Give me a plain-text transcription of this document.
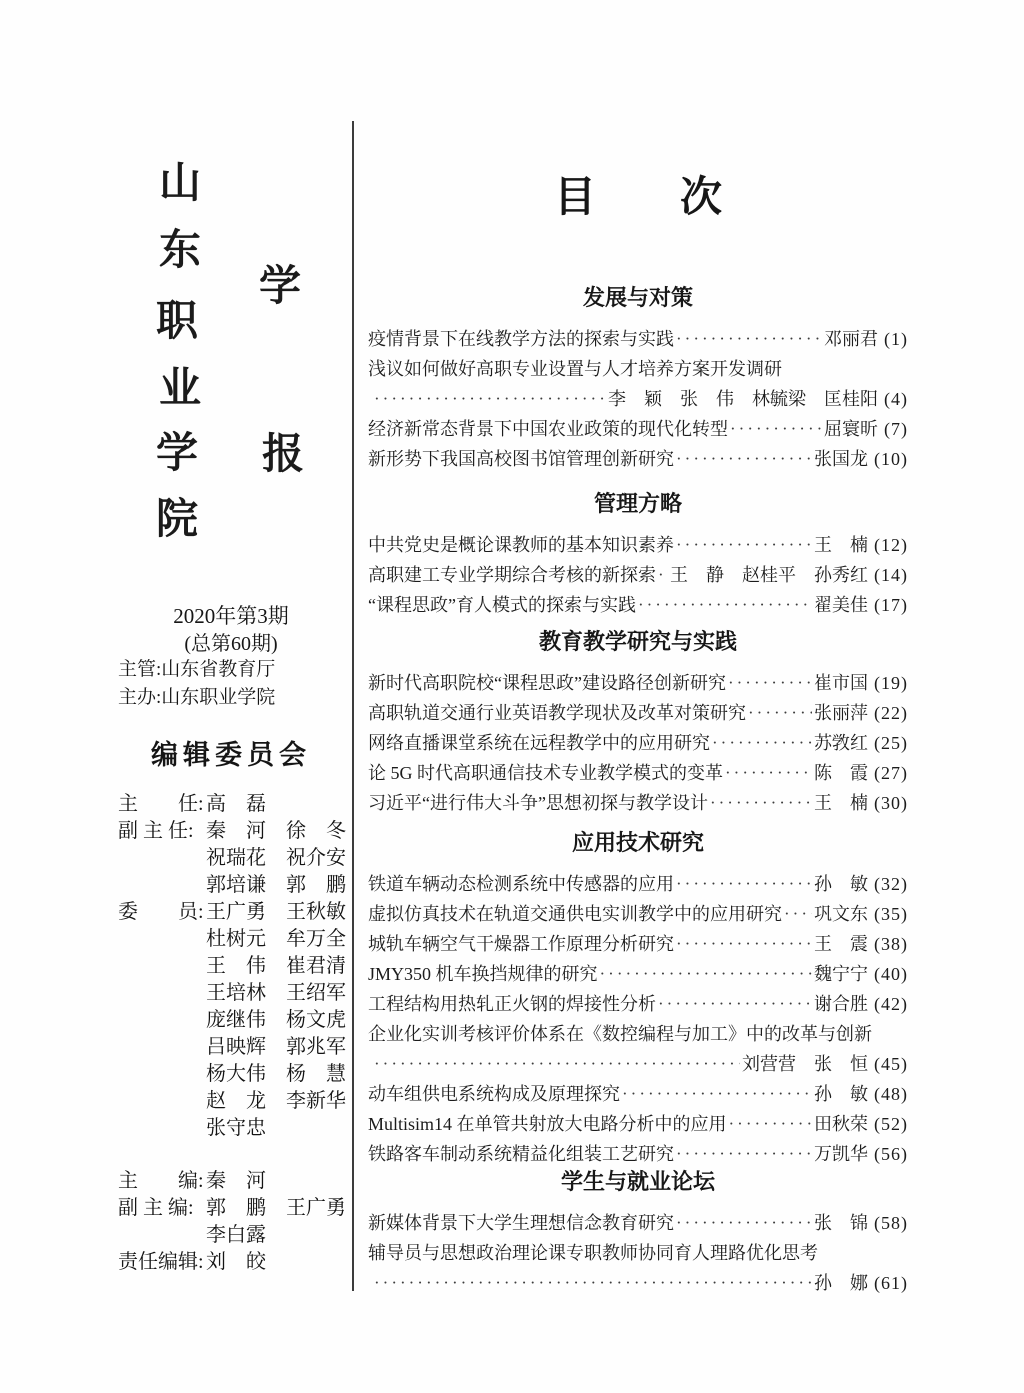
山
东
职
业
学
院
学
报
2020年第3期
(总第60期)
主管:山东省教育厅
主办:山东职业学院
编辑委员会
主　　任: 高　磊
副 主 任: 秦　河　徐　冬
祝瑞花　祝介安
郭培谦　郭　鹏
委　　员: 王广勇　王秋敏
杜树元　牟万全
王　伟　崔君清
王培林　王绍军
庞继伟　杨文虎
吕映辉　郭兆军
杨大伟　杨　慧
赵　龙　李新华
张守忠
主　　编: 秦　河
副 主 编: 郭　鹏　王广勇
李白露
责任编辑: 刘　皎
目　　次
发展与对策
疫情背景下在线教学方法的探索与实践 ·····	邓丽君 (1)
浅议如何做好高职专业设置与人才培养方案开发调研
·····
李　颖　张　伟　林毓梁　匡桂阳 (4)
经济新常态背景下中国农业政策的现代化转型 ·····	屈寰昕 (7)
新形势下我国高校图书馆管理创新研究 ·····	张国龙 (10)
管理方略
中共党史是概论课教师的基本知识素养 ·····	王　楠 (12)
高职建工专业学期综合考核的新探索 ····· 王　静　赵桂平　孙秀红 (14)
“课程思政”育人模式的探索与实践 ·····	翟美佳 (17)
教育教学研究与实践
新时代高职院校“课程思政”建设路径创新研究 ·····	崔市国 (19)
高职轨道交通行业英语教学现状及改革对策研究 ·····	张丽萍 (22)
网络直播课堂系统在远程教学中的应用研究 ·····	苏敩红 (25)
论 5G 时代高职通信技术专业教学模式的变革 ·····	陈　霞 (27)
习近平“进行伟大斗争”思想初探与教学设计 ·····	王　楠 (30)
应用技术研究
铁道车辆动态检测系统中传感器的应用 ·····	孙　敏 (32)
虚拟仿真技术在轨道交通供电实训教学中的应用研究 ····· 巩文东 (35)
城轨车辆空气干燥器工作原理分析研究 ·····	王　震 (38)
JMY350 机车换挡规律的研究 ·····	魏宁宁 (40)
工程结构用热轧正火钢的焊接性分析 ·····	谢合胜 (42)
企业化实训考核评价体系在《数控编程与加工》中的改革与创新
·····
刘营营　张　恒 (45)
动车组供电系统构成及原理探究 ·····	孙　敏 (48)
Multisim14 在单管共射放大电路分析中的应用 ·····	田秋荣 (52)
铁路客车制动系统精益化组装工艺研究 ·····	万凯华 (56)
学生与就业论坛
新媒体背景下大学生理想信念教育研究 ·····	张　锦 (58)
辅导员与思想政治理论课专职教师协同育人理路优化思考
·····
孙　娜 (61)
